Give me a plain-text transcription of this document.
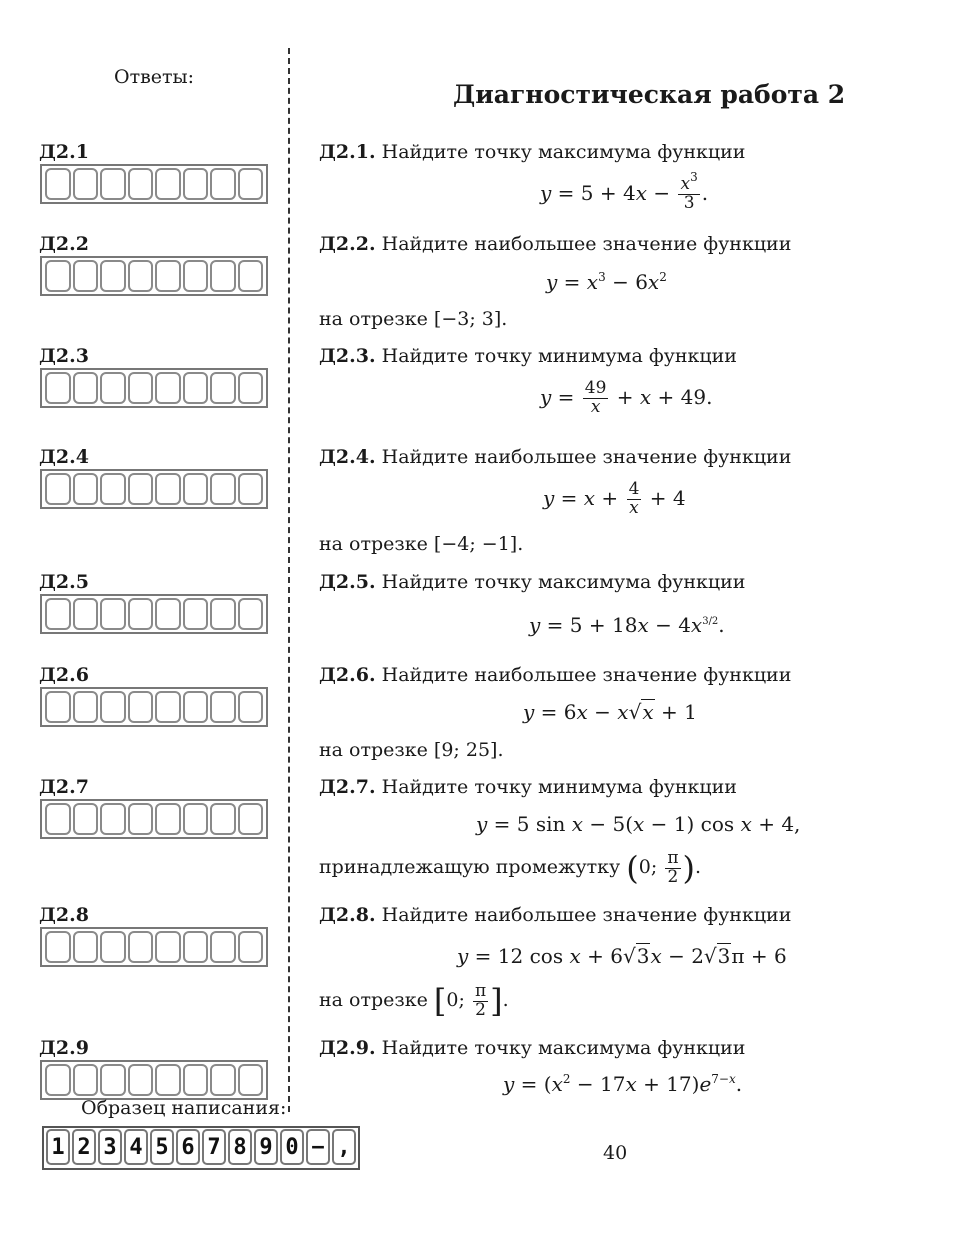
Ответы:
Диагностическая работа 2
Д2.1
Д2.2
Д2.3
Д2.4
Д2.5
Д2.6
Д2.7
Д2.8
Д2.9
Д2.1. Найдите точку максимума функции
$y = 5 + 4x - \frac{x^3}{3}$ .
Д2.2. Найдите наибольшее значение функции
$y = x^3 - 6x^2$
на отрезке [−3; 3].
Д2.3. Найдите точку минимума функции
$y = \frac{49}{x} + x + 49$.
Д2.4. Найдите наибольшее значение функции
$y = x + \frac{4}{x} + 4$
на отрезке [−4; −1].
Д2.5. Найдите точку максимума функции
$y = 5 + 18x - 4x^{3/2}$.
Д2.6. Найдите наибольшее значение функции
y = 6x − x√x + 1
на отрезке [9; 25].
Д2.7. Найдите точку минимума функции
y = 5 sin x − 5(x − 1) cos x + 4,
принадлежащую промежутку (0; $\frac{\pi}{2}$ ).
Д2.8. Найдите наибольшее значение функции
y = 12 cos x + 6√3x − 2√3π + 6
на отрезке [0; $\frac{\pi}{2}$ ].
Д2.9. Найдите точку максимума функции
$y = (x^2 - 17x + 17)e^{7-x}$.
Образец написания:
1 2 3 4 5 6 7 8 9 0 − ,	40
